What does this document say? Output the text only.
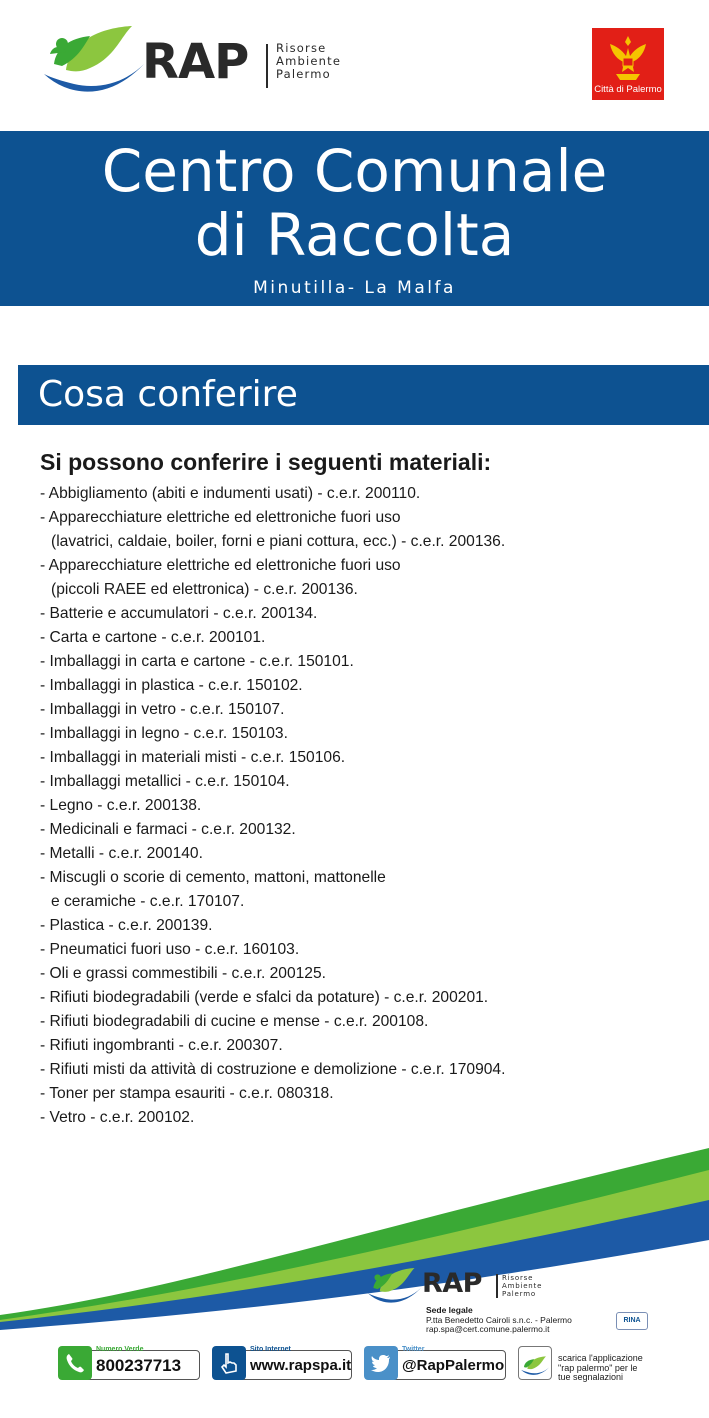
RAP Risorse
Ambiente
Palermo
Città di Palermo
Centro Comunale
di Raccolta
Minutilla- La Malfa
Cosa conferire
Si possono conferire i seguenti materiali:
- Abbigliamento (abiti e indumenti usati) - c.e.r. 200110.
- Apparecchiature elettriche ed elettroniche fuori uso
(lavatrici, caldaie, boiler, forni e piani cottura, ecc.) - c.e.r. 200136.
- Apparecchiature elettriche ed elettroniche fuori uso
(piccoli RAEE ed elettronica) - c.e.r. 200136.
- Batterie e accumulatori - c.e.r. 200134.
- Carta e cartone - c.e.r. 200101.
- Imballaggi in carta e cartone - c.e.r. 150101.
- Imballaggi in plastica - c.e.r. 150102.
- Imballaggi in vetro - c.e.r. 150107.
- Imballaggi in legno - c.e.r. 150103.
- Imballaggi in materiali misti - c.e.r. 150106.
- Imballaggi metallici - c.e.r. 150104.
- Legno - c.e.r. 200138.
- Medicinali e farmaci - c.e.r. 200132.
- Metalli - c.e.r. 200140.
- Miscugli o scorie di cemento, mattoni, mattonelle
e ceramiche - c.e.r. 170107.
- Plastica - c.e.r. 200139.
- Pneumatici fuori uso - c.e.r. 160103.
- Oli e grassi commestibili - c.e.r. 200125.
- Rifiuti biodegradabili (verde e sfalci da potature) - c.e.r. 200201.
- Rifiuti biodegradabili di cucine e mense - c.e.r. 200108.
- Rifiuti ingombranti - c.e.r. 200307.
- Rifiuti misti da attività di costruzione e demolizione - c.e.r. 170904.
- Toner per stampa esauriti - c.e.r. 080318.
- Vetro - c.e.r. 200102.
RAP	Risorse
Ambiente
Palermo
Sede legale
P.tta Benedetto Cairoli s.n.c. - Palermo
rap.spa@cert.comune.palermo.it
RINA
Numero Verde
800237713
Sito Internet
www.rapspa.it
Twitter
@RapPalermo	scarica l'applicazione
"rap palermo" per le
tue segnalazioni
